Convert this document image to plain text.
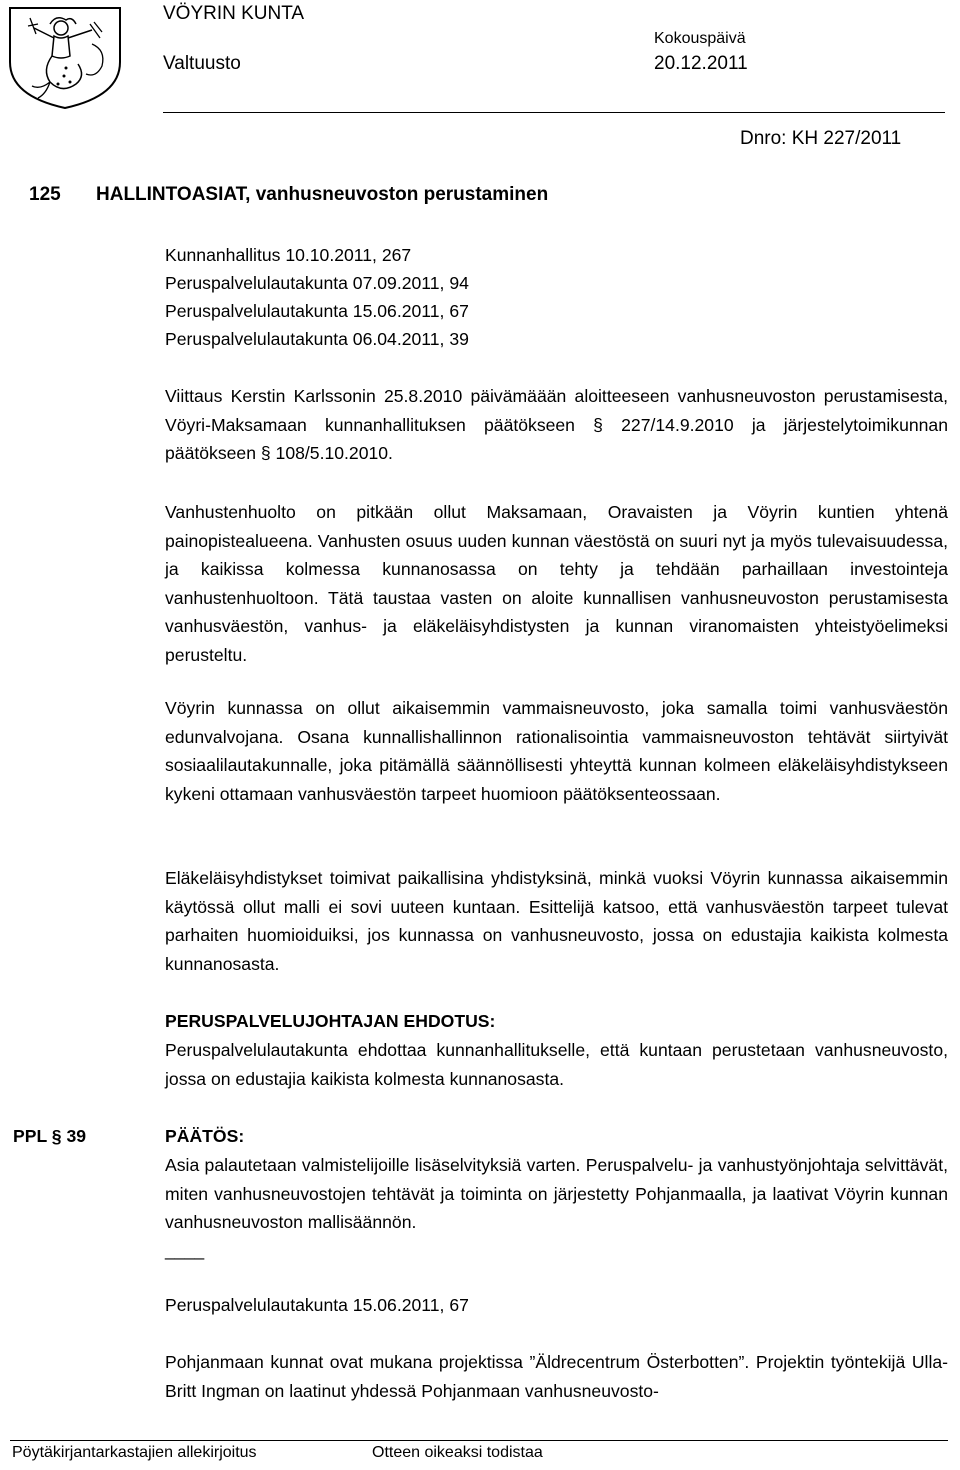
VÖYRIN KUNTA
Valtuusto
Kokouspäivä
20.12.2011
Dnro: KH 227/2011
125 HALLINTOASIAT, vanhusneuvoston perustaminen
Kunnanhallitus 10.10.2011, 267
Peruspalvelulautakunta 07.09.2011, 94
Peruspalvelulautakunta 15.06.2011, 67
Peruspalvelulautakunta 06.04.2011, 39
Viittaus Kerstin Karlssonin 25.8.2010 päivämäään aloitteeseen vanhusneuvoston perustamisesta, Vöyri-Maksamaan kunnanhallituksen päätökseen § 227/14.9.2010 ja järjestelytoimikunnan päätökseen § 108/5.10.2010.
Vanhustenhuolto on pitkään ollut Maksamaan, Oravaisten ja Vöyrin kuntien yhtenä painopistealueena. Vanhusten osuus uuden kunnan väestöstä on suuri nyt ja myös tulevaisuudessa, ja kaikissa kolmessa kunnanosassa on tehty ja tehdään parhaillaan investointeja vanhustenhuoltoon. Tätä taustaa vasten on aloite kunnallisen vanhusneuvoston perustamisesta vanhusväestön, vanhus- ja eläkeläisyhdistysten ja kunnan viranomaisten yhteistyöelimeksi perusteltu.
Vöyrin kunnassa on ollut aikaisemmin vammaisneuvosto, joka samalla toimi vanhusväestön edunvalvojana. Osana kunnallishallinnon rationalisointia vammaisneuvoston tehtävät siirtyivät sosiaalilautakunnalle, joka pitämällä säännöllisesti yhteyttä kunnan kolmeen eläkeläisyhdistykseen kykeni ottamaan vanhusväestön tarpeet huomioon päätöksenteossaan.
Eläkeläisyhdistykset toimivat paikallisina yhdistyksinä, minkä vuoksi Vöyrin kunnassa aikaisemmin käytössä ollut malli ei sovi uuteen kuntaan. Esittelijä katsoo, että vanhusväestön tarpeet tulevat parhaiten huomioiduiksi, jos kunnassa on vanhusneuvosto, jossa on edustajia kaikista kolmesta kunnanosasta.
PERUSPALVELUJOHTAJAN EHDOTUS:
Peruspalvelulautakunta ehdottaa kunnanhallitukselle, että kuntaan perustetaan vanhusneuvosto, jossa on edustajia kaikista kolmesta kunnanosasta.
PPL § 39	PÄÄTÖS:
Asia palautetaan valmistelijoille lisäselvityksiä varten. Peruspalvelu- ja vanhustyönjohtaja selvittävät, miten vanhusneuvostojen tehtävät ja toiminta on järjestetty Pohjanmaalla, ja laativat Vöyrin kunnan vanhusneuvoston mallisäännön.
____
Peruspalvelulautakunta 15.06.2011, 67
Pohjanmaan kunnat ovat mukana projektissa ”Äldrecentrum Österbotten”. Projektin työntekijä Ulla-Britt Ingman on laatinut yhdessä Pohjanmaan vanhusneuvosto-
Pöytäkirjantarkastajien allekirjoitus	Otteen oikeaksi todistaa
